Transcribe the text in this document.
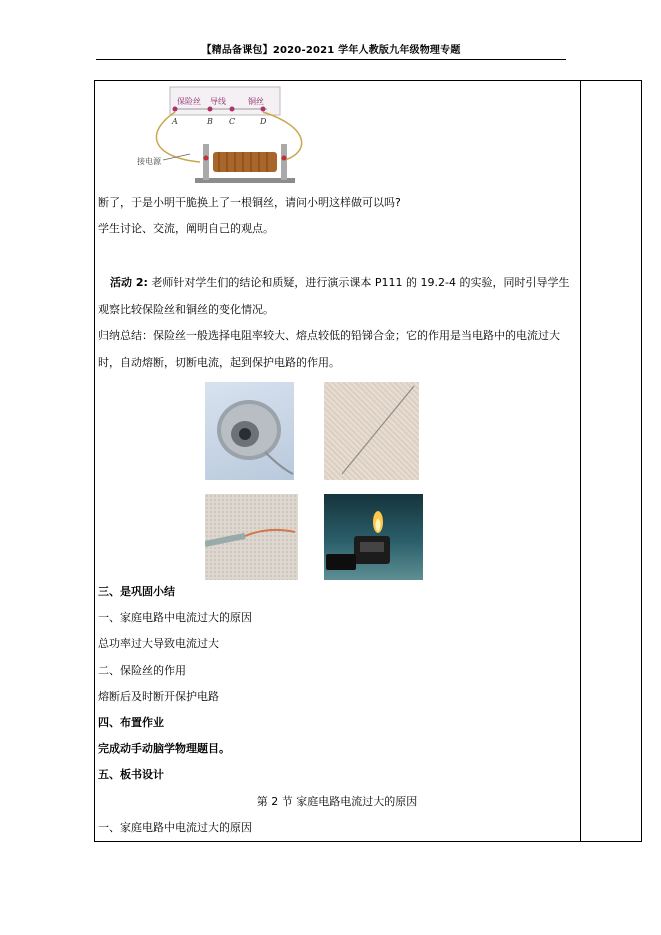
【精品备课包】2020-2021 学年人教版九年级物理专题
保险丝 导线	铜丝
A	B C	D
接电源
断了，于是小明干脆换上了一根铜丝，请问小明这样做可以吗?
学生讨论、交流，阐明自己的观点。
活动 2: 老师针对学生们的结论和质疑，进行演示课本 P111 的 19.2-4 的实验，同时引导学生观察比较保险丝和铜丝的变化情况。
归纳总结：保险丝一般选择电阻率较大、熔点较低的铅锑合金；它的作用是当电路中的电流过大时，自动熔断，切断电流，起到保护电路的作用。
三、是巩固小结
一、家庭电路中电流过大的原因
总功率过大导致电流过大
二、保险丝的作用
熔断后及时断开保护电路
四、布置作业
完成动手动脑学物理题目。
五、板书设计
第 2 节 家庭电路电流过大的原因
一、家庭电路中电流过大的原因
